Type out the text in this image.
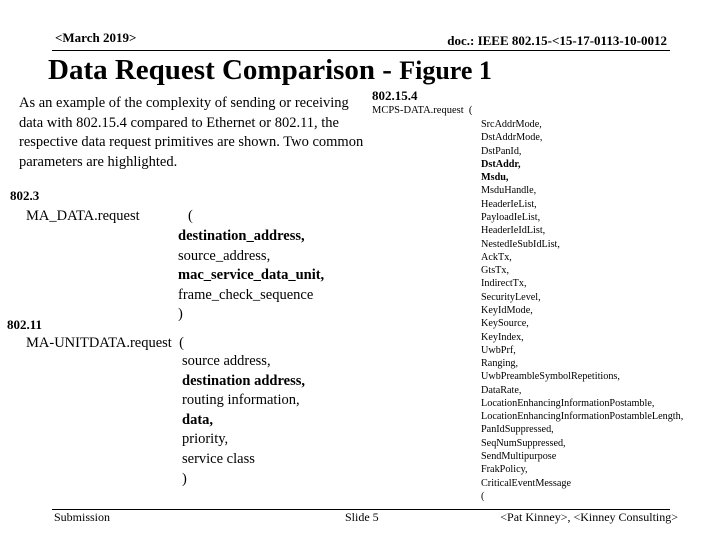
<March 2019>	doc.: IEEE 802.15-<15-17-0113-10-0012
Data Request Comparison - Figure 1
As an example of the complexity of sending or receiving data with 802.15.4 compared to Ethernet or 802.11, the respective data request primitives are shown. Two common parameters are highlighted.
802.3
MA_DATA.request	(
destination_address,
source_address,
mac_service_data_unit,
frame_check_sequence
)
802.11
MA-UNITDATA.request  (
source address,
destination address,
routing information,
data,
priority,
service class
)
802.15.4
MCPS-DATA.request  (
SrcAddrMode,
DstAddrMode,
DstPanId,
DstAddr,
Msdu,
MsduHandle,
HeaderIeList,
PayloadIeList,
HeaderIeIdList,
NestedIeSubIdList,
AckTx,
GtsTx,
IndirectTx,
SecurityLevel,
KeyIdMode,
KeySource,
KeyIndex,
UwbPrf,
Ranging,
UwbPreambleSymbolRepetitions,
DataRate,
LocationEnhancingInformationPostamble,
LocationEnhancingInformationPostambleLength,
PanIdSuppressed,
SeqNumSuppressed,
SendMultipurpose
FrakPolicy,
CriticalEventMessage
(
Submission	Slide 5	<Pat Kinney>, <Kinney Consulting>
